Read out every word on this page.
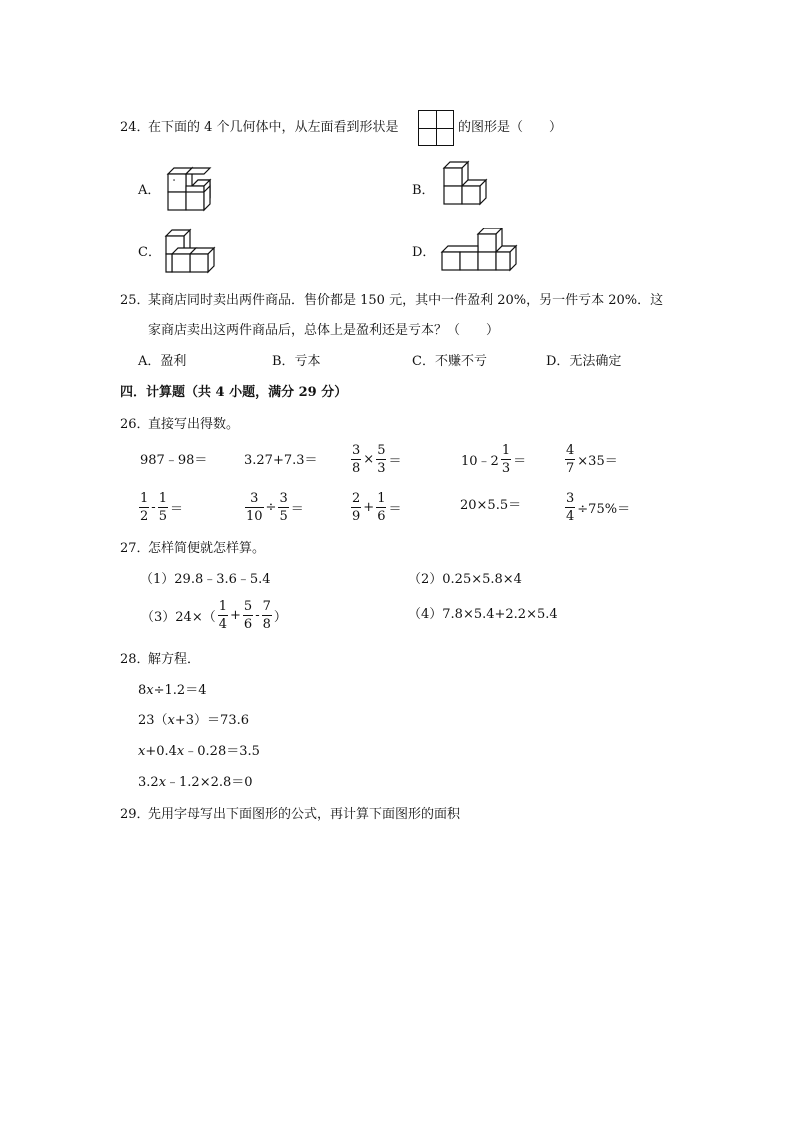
24．
在下面的 4 个几何体中，从左面看到形状是	的图形是（　　）
A．	B．
C．	D．
25．
某商店同时卖出两件商品．售价都是 150 元，其中一件盈利 20%，另一件亏本 20%．这
家商店卖出这两件商品后，总体上是盈利还是亏本？（　　）
A．盈利	B．亏本	C．不赚不亏	D．无法确定
四．计算题（共 4 小题，满分 29 分）
26．
直接写出得数。
987﹣98＝	3.27+7.3＝	$\frac{3}{8} \times \frac{5}{3}$ ＝	10﹣2 $\frac{1}{3}$ ＝	$\frac{4}{7} \times 35=$
$\frac{1}{2} - \frac{1}{5}$ ＝	$\frac{3}{10} \div \frac{3}{5}$ ＝	$\frac{2}{9} + \frac{1}{6}$ ＝	20×5.5＝	$\frac{3}{4} \div 75\%=$
27．
怎样简便就怎样算。
（1）29.8﹣3.6﹣5.4	（2）0.25×5.8×4
$(3)24\times( \frac{1}{4} + \frac{5}{6} - \frac{7}{8}$ ）	（4）7.8×5.4+2.2×5.4
28．
解方程．
8x÷1.2＝4
23（x+3）＝73.6
x+0.4x﹣0.28＝3.5
3.2x﹣1.2×2.8＝0
29．
先用字母写出下面图形的公式，再计算下面图形的面积
